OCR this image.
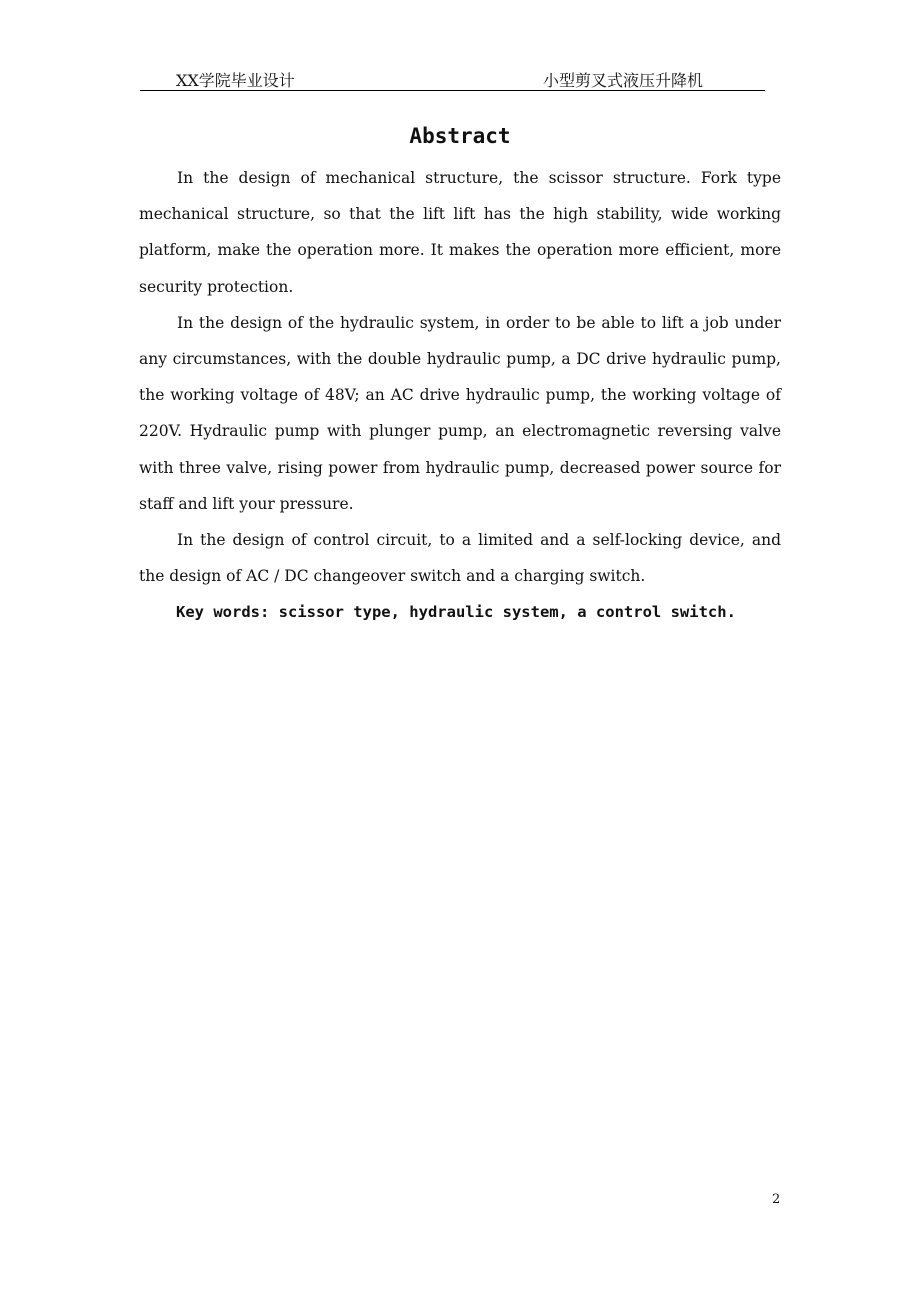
XX学院毕业设计	小型剪叉式液压升降机
Abstract

In the design of mechanical structure, the scissor structure. Fork type mechanical structure, so that the lift lift has the high stability, wide working platform, make the operation more. It makes the operation more efficient, more security protection.

In the design of the hydraulic system, in order to be able to lift a job under any circumstances, with the double hydraulic pump, a DC drive hydraulic pump, the working voltage of 48V; an AC drive hydraulic pump, the working voltage of 220V. Hydraulic pump with plunger pump, an electromagnetic reversing valve with three valve, rising power from hydraulic pump, decreased power source for staff and lift your pressure.

In the design of control circuit, to a limited and a self-locking device, and the design of AC / DC changeover switch and a charging switch.

Key words: scissor type, hydraulic system, a control switch.

2
